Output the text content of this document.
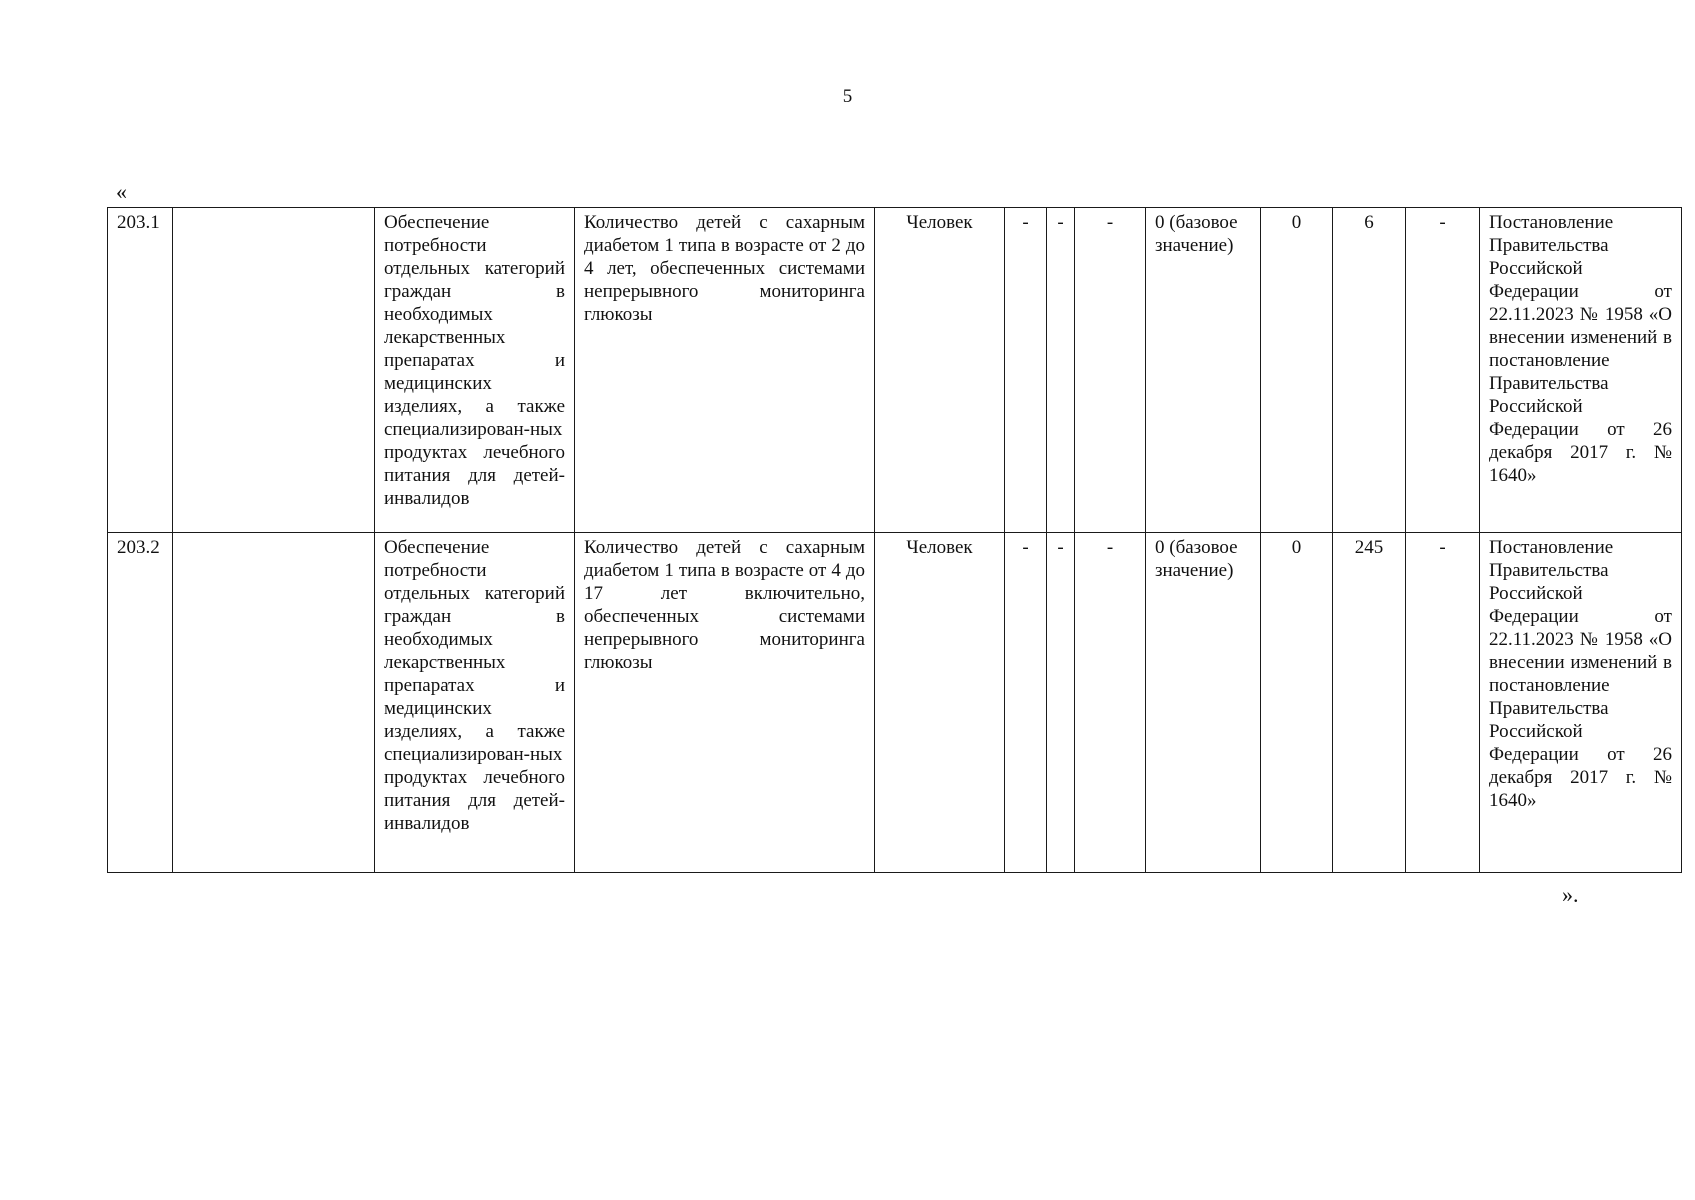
5
«
203.1		Обеспечение потребности отдельных категорий граждан в необходимых лекарственных препаратах и медицинских изделиях, а также специализирован-ных продуктах лечебного питания для детей-инвалидов	Количество детей с сахарным диабетом 1 типа в возрасте от 2 до 4 лет, обеспеченных системами непрерывного мониторинга глюкозы	Человек	-	-	-	0 (базовое значение)	0	6	-	Постановление Правительства Российской Федерации от 22.11.2023 № 1958 «О внесении изменений в постановление Правительства Российской Федерации от 26 декабря 2017 г. № 1640»
203.2		Обеспечение потребности отдельных категорий граждан в необходимых лекарственных препаратах и медицинских изделиях, а также специализирован-ных продуктах лечебного питания для детей-инвалидов	Количество детей с сахарным диабетом 1 типа в возрасте от 4 до 17 лет включительно, обеспеченных системами непрерывного мониторинга глюкозы	Человек	-	-	-	0 (базовое значение)	0	245	-	Постановление Правительства Российской Федерации от 22.11.2023 № 1958 «О внесении изменений в постановление Правительства Российской Федерации от 26 декабря 2017 г. № 1640»
».
